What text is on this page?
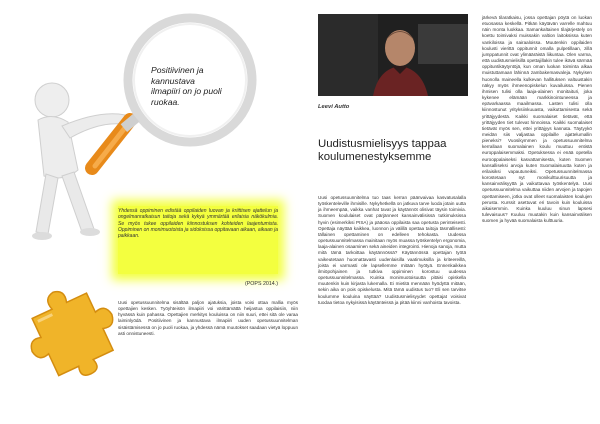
Positiivinen ja
kannustava
ilmapiiri on jo puoli
ruokaa.
Yhdessä oppiminen edistää oppilaiden luovan ja kriittisen ajattelun ja ongelmanratkaisun taitoja sekä kykyä ymmärtää erilaisia näkökulmia. Se myös tukee oppilaiden kiinnostuksen kohteiden laajentumista. Oppiminen on monimuotoista ja sidoksissa oppitavaan aikaan, aikaan ja paikkaan.
(POPS 2014.)
Uusi opetussuunnitelma sisältää paljon ajatuksia, joista voisi ottaa mallia myös opettajien kesken. Työyhteisön ilmapiiri voi värittämättä heijastua oppilaisiin, niin hyvässä kuin pahassa. Opettajien merkitys kouluissa on niin suuri, ettei sitä ole varaa laiminlyödä. Positiivinen ja kannustava ilmapiiri uuden opetussuunnitelman sisäistämisessä on jo puoli ruokaa, ja yhdessä nämä muutokset saadaan vietyä loppuun asti onnistuneesti.
Leevi Autto
Uudistusmielisyys tappaa koulumenestyksemme
Uusi opetussuunnitelma tuo taas kerran päänvaivaa kasvatusalalla työskenteleville ihmisille. Nykyhetkellä on jatkuva tarve luoda jotain uutta ja ihmeempää, vaikka vanhat tavat ja käytännöt olisivat täysin toimivia. Suomen koululaiset ovat pärjänneet kansainvälisissä tutkimuksissa hyvin (esimerkiksi PISA) ja pääosa oppilaista saa opetusta perinteisesti. Opettaja näyttää kaikkea, luonnon ja välillä opettaa taitoja täsmällisesti: tällainen opettaminen on edelleen tehokasta. Uudessa opetussuunnitelmassa mainitaan myös muassa työskentelyn ergonomia, laaja-alainen osaaminen sekä aineiden integrointi. Hienoja sanoja, mutta mitä tämä tarkoittaa käytännössä? Käytännössä opettajan työtä vaikeutetaan huomattavasti uudenlaisilla vaatimuksilla ja kriteereillä, joista ei varmasti ole lapsellemme mitään hyötyä. Ennenkaikkea ilmiöpohjainen ja tutkiva oppiminen korostuu uudessa opetussuunnitelmassa. Kuinka monimuotoisuutta pitäisi opiskella muutenkin kuin kirjasta lukemalla. Ei mietitä mennään hyödyttä mitään, sekin aika on pois opiskelusta. Mitä tämä uudistus tuo? Eli sen tarvitse koulumme kouluina näyttää? Uudistusmielisyydet opettajat voisivat tuodaa tietoa nykyisissä käytänteissä ja pitää kiinni vanhoista tavoista.
järkevä tilaratkaisu, jossa opettajan pöytä on luokan etuosassa keskellä. Pitkän käytävän varrelle mahtuu näin monta luokkaa. Samankaltainen tilajärjestely on koettu toimivaksi muissakin valtion laitoksissa kuten vankiloissa ja sairaaloissa. Muutenkin oppilaiden koulusti vierittä oppitunnit omalla pulpetillaan, zillä jumppatunnit ovat ylimääräistä liikuntaa. Olen varma, että uudistusmielisillä opettajillakin tulee ikävä särmää oppituntikäytyntöjä, kun oman luokan toiminta alkaa muistuttamaan lähinnä zambakemasvaleja. Nykyisen huonolla maineella kulkevan hallituksen valtuustakin näkyy myös ihmeenopiskelun kuvailuissa. Pienen ihmisen tulisi olla laaja-alainen monitaituri, joka kykenee elämään markkinointuneessa ja epävarkaassa maailmassa. Lasten tulisi olla kiinnostunut yrityksiinkuuasta, vaikuttamisesta sekä yrittäjyydestä. Kaikki suomalaiset tietävät, että yrittäjyyden tiet tulevat hinnoissa. Kaikki suomalaiset tietävät myös sen, ettei yrittäjyys kannata. Täytyykö meidän siis valjastaa oppilaille ajattelumallin pieneksi? Vuosikymmen ja opetussuunnitelma kerrallaan suomalainen koulu muuttuu entistä europpalaisemmaksi. Opetuksessa ei enää opetella eurooppalaiseksi kasvattamisesta, kuten Suomen kansalliseksi arvoja kuten Suomalaisuutta kuten ja erilaisiksi vapautuneiksi. Opetussuunnitelmassa korostetaan nyt monikulttuurisuutta ja kansainvälisyyttä ja vaikuttavaa työskentelyä. Uusi opetussuunnitelma vaikuttaa niiden arvojen ja tapojen opettamiseen, jotka ovat olleet suomalaisten koulujen perusta. Kurssit asettuvat eri tavoin kuin kouluissa aikaisemmin. Kuinka kuuluu sinun lapsesi tulevaisuus? Kuuluu muutakin kuin kansainvälisen suomen ja hyvää suomalaista kulttuuria.
